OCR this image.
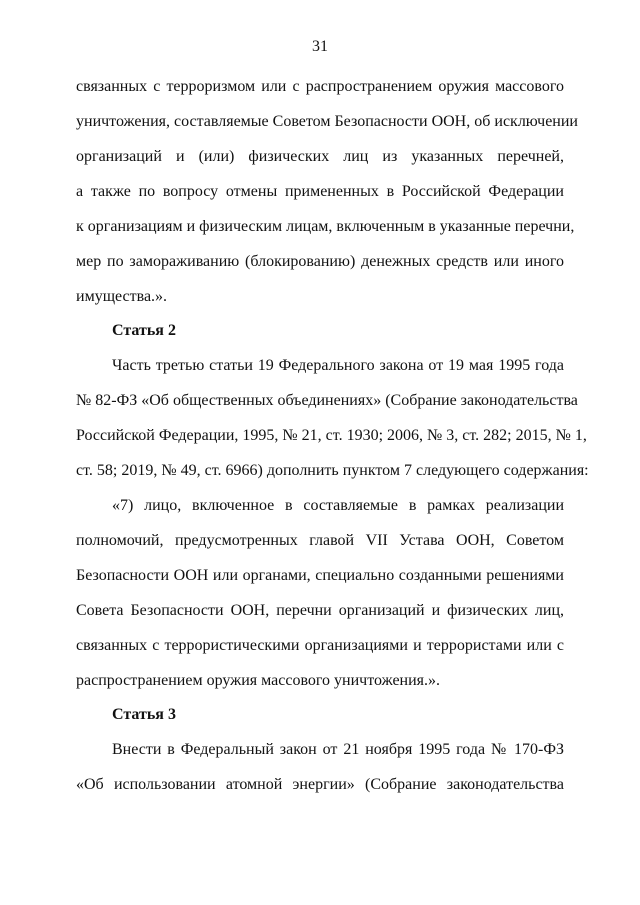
31
связанных с терроризмом или с распространением оружия массового
уничтожения, составляемые Советом Безопасности ООН, об исключении
организаций и (или) физических лиц из указанных перечней,
а также по вопросу отмены примененных в Российской Федерации
к организациям и физическим лицам, включенным в указанные перечни,
мер по замораживанию (блокированию) денежных средств или иного
имущества.».
Статья 2
Часть третью статьи 19 Федерального закона от 19 мая 1995 года
№ 82-ФЗ «Об общественных объединениях» (Собрание законодательства
Российской Федерации, 1995, № 21, ст. 1930; 2006, № 3, ст. 282; 2015, № 1,
ст. 58; 2019, № 49, ст. 6966) дополнить пунктом 7 следующего содержания:
«7) лицо, включенное в составляемые в рамках реализации
полномочий, предусмотренных главой VII Устава ООН, Советом
Безопасности ООН или органами, специально созданными решениями
Совета Безопасности ООН, перечни организаций и физических лиц,
связанных с террористическими организациями и террористами или с
распространением оружия массового уничтожения.».
Статья 3
Внести в Федеральный закон от 21 ноября 1995 года № 170-ФЗ
«Об использовании атомной энергии» (Собрание законодательства
